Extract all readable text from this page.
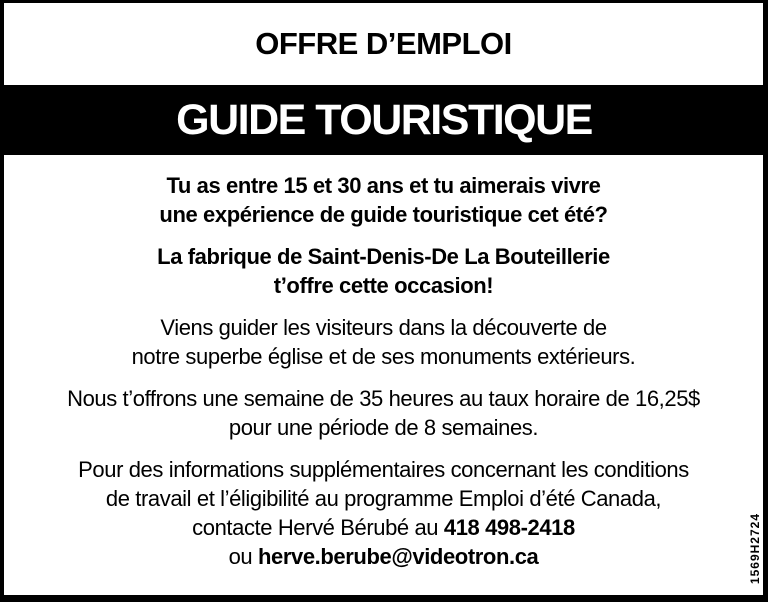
OFFRE D’EMPLOI
GUIDE TOURISTIQUE

Tu as entre 15 et 30 ans et tu aimerais vivre
une expérience de guide touristique cet été?

La fabrique de Saint-Denis-De La Bouteillerie
t’offre cette occasion!

Viens guider les visiteurs dans la découverte de
notre superbe église et de ses monuments extérieurs.

Nous t’offrons une semaine de 35 heures au taux horaire de 16,25$
pour une période de 8 semaines.

Pour des informations supplémentaires concernant les conditions
de travail et l’éligibilité au programme Emploi d’été Canada,
contacte Hervé Bérubé au 418 498-2418
ou herve.berube@videotron.ca	1569H2724
